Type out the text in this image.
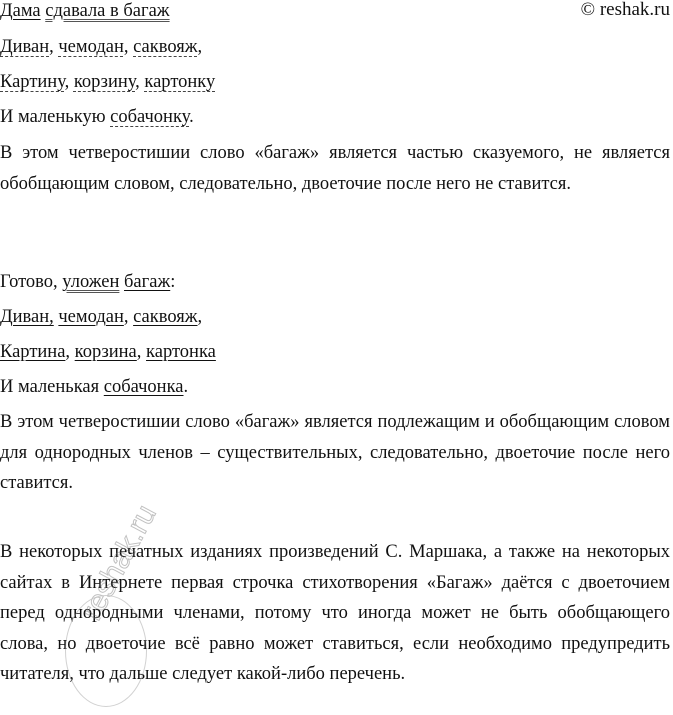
© reshak.ru
Дама сдавала в багаж
Диван, чемодан, саквояж,
Картину, корзину, картонку
И маленькую собачонку.
В этом четверостишии слово «багаж» является частью сказуемого, не является обобщающим словом, следовательно, двоеточие после него не ставится.
Готово, уложен багаж:
Диван, чемодан, саквояж,
Картина, корзина, картонка
И маленькая собачонка.
В этом четверостишии слово «багаж» является подлежащим и обобщающим словом для однородных членов – существительных, следовательно, двоеточие после него ставится.
В некоторых печатных изданиях произведений С. Маршака, а также на некоторых сайтах в Интернете первая строчка стихотворения «Багаж» даётся с двоеточием перед однородными членами, потому что иногда может не быть обобщающего слова, но двоеточие всё равно может ставиться, если необходимо предупредить читателя, что дальше следует какой-либо перечень.
reshak.ru
